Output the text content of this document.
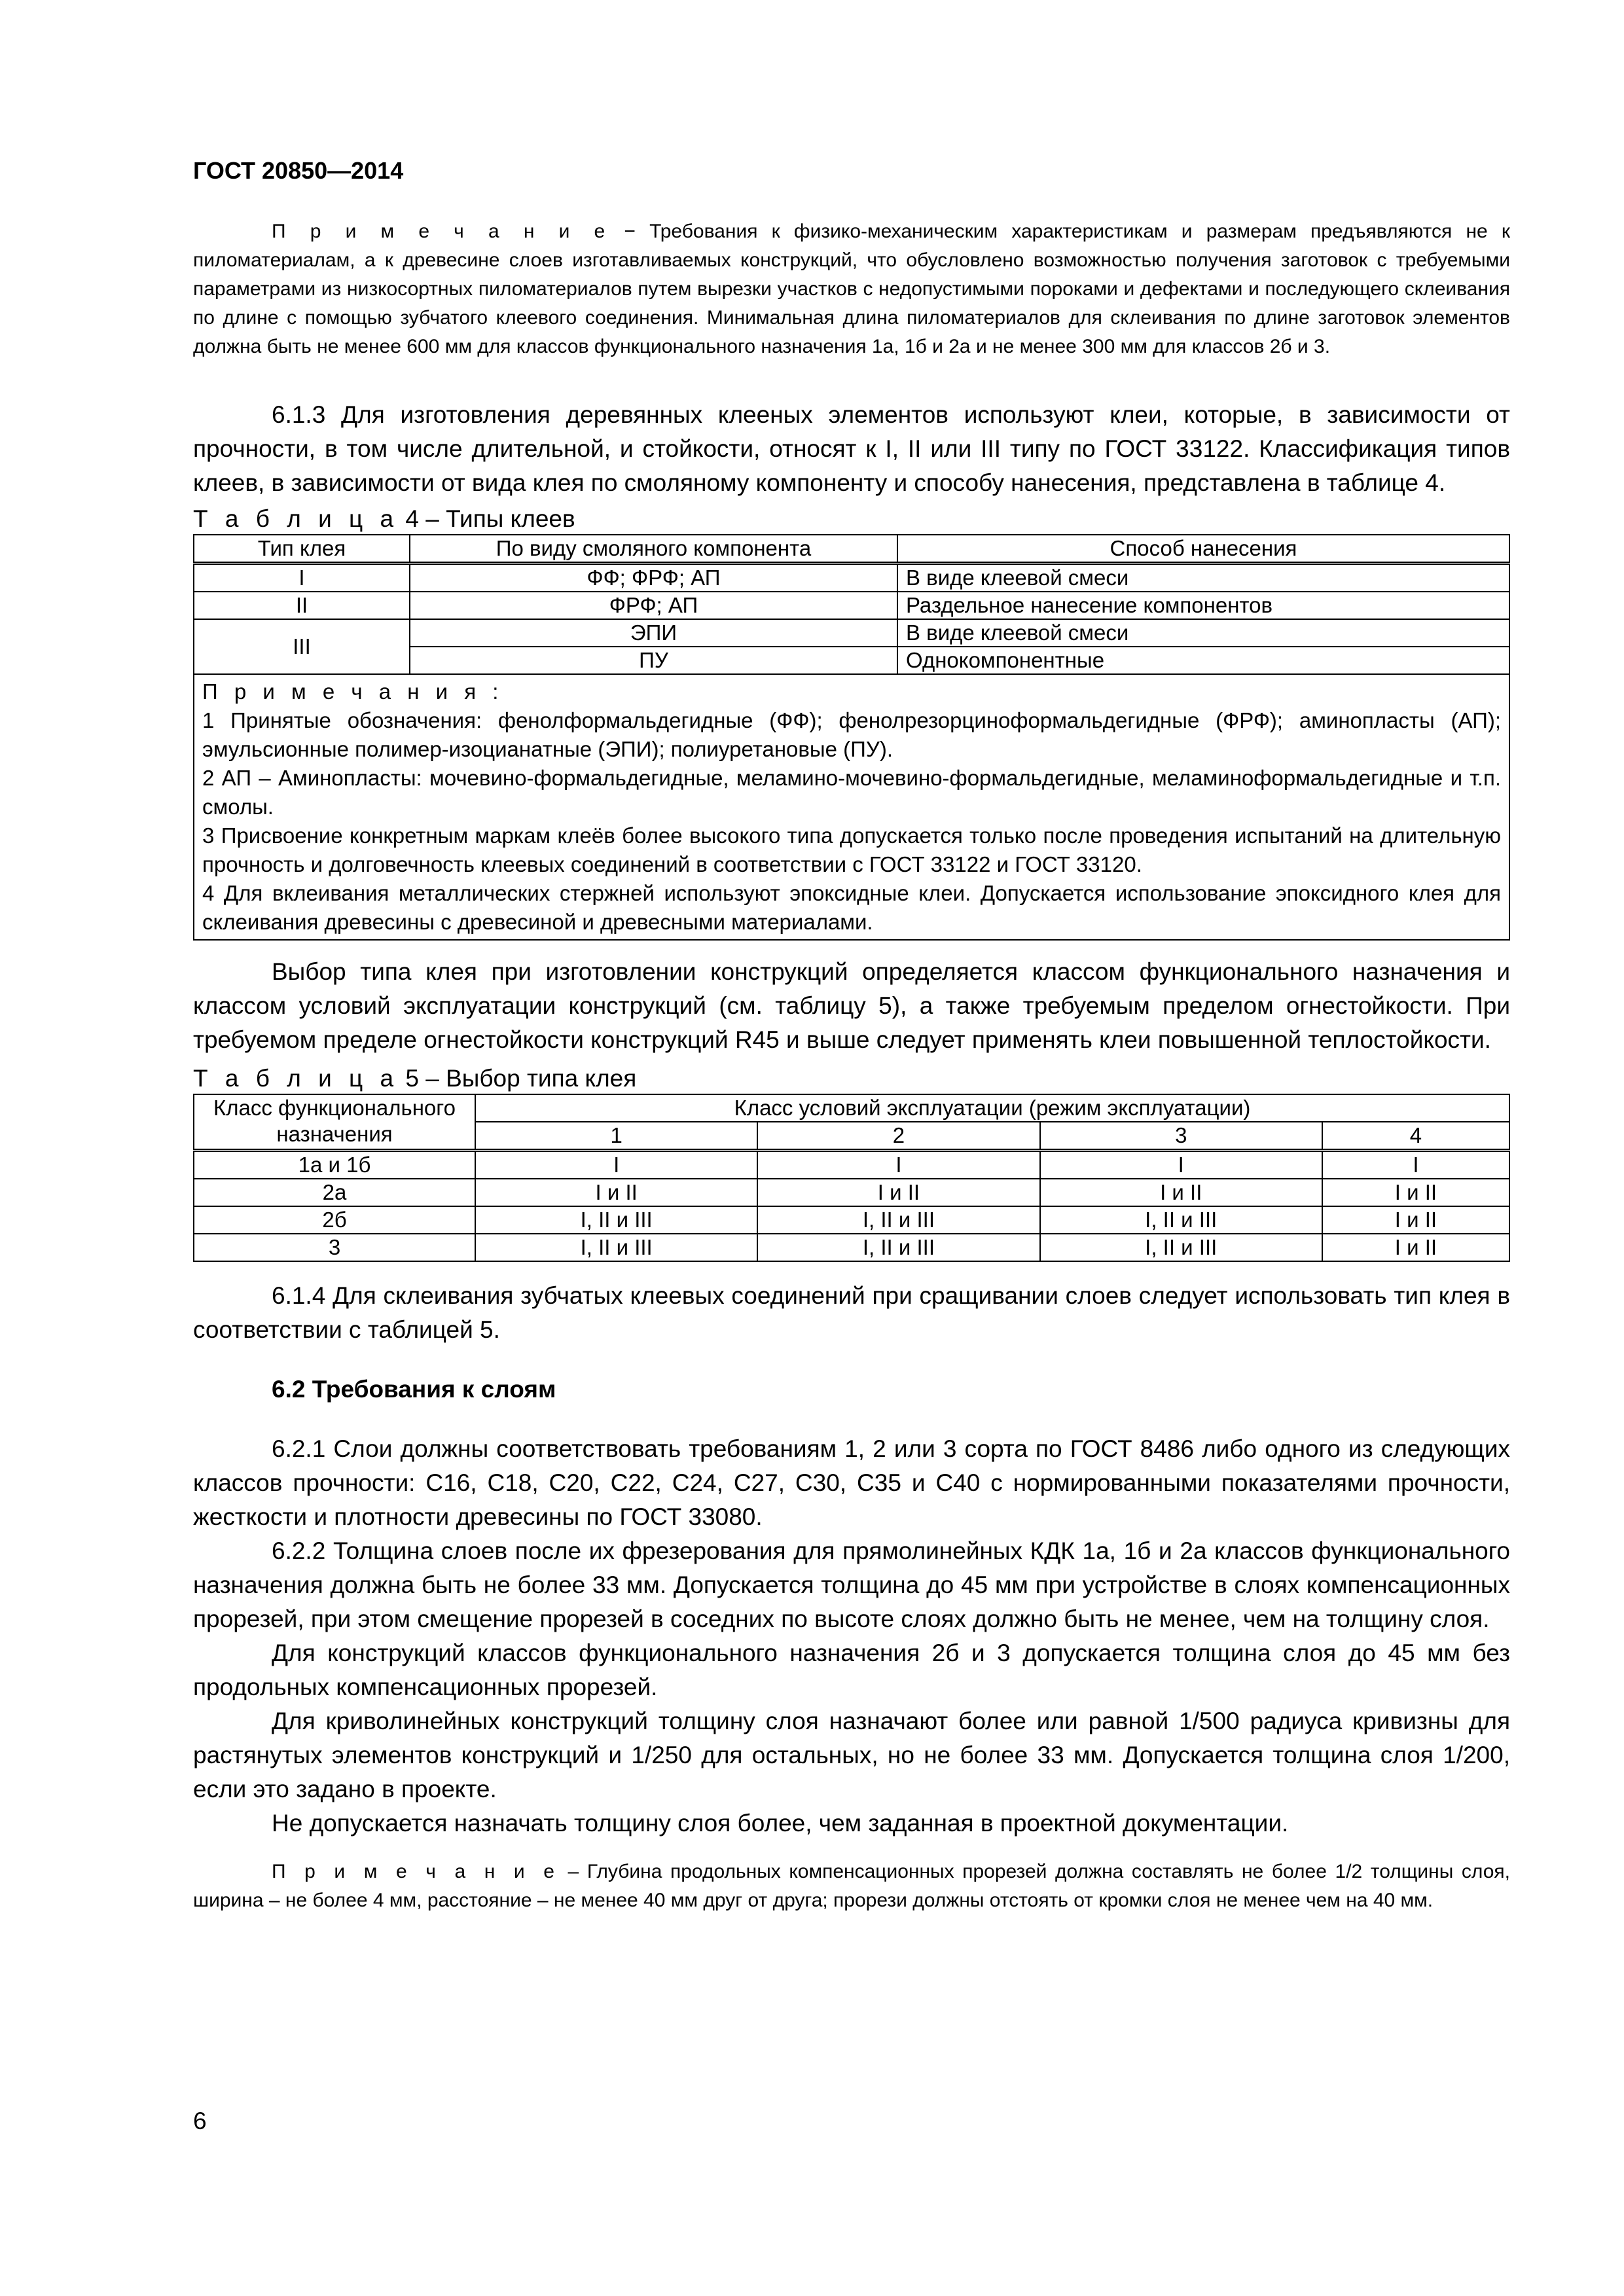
ГОСТ 20850—2014

П р и м е ч а н и е − Требования к физико-механическим характеристикам и размерам предъявляются не к пиломатериалам, а к древесине слоев изготавливаемых конструкций, что обусловлено возможностью получения заготовок с требуемыми параметрами из низкосортных пиломатериалов путем вырезки участков с недопустимыми пороками и дефектами и последующего склеивания по длине с помощью зубчатого клеевого соединения. Минимальная длина пиломатериалов для склеивания по длине заготовок элементов должна быть не менее 600 мм для классов функционального назначения 1а, 1б и 2а и не менее 300 мм для классов 2б и 3.

6.1.3 Для изготовления деревянных клееных элементов используют клеи, которые, в зависимости от прочности, в том числе длительной, и стойкости, относят к I, II или III типу по ГОСТ 33122. Классификация типов клеев, в зависимости от вида клея по смоляному компоненту и способу нанесения, представлена в таблице 4.

Т а б л и ц а 4 – Типы клеев

Тип клея	По виду смоляного компонента	Способ нанесения
I	ФФ; ФРФ; АП	В виде клеевой смеси
II	ФРФ; АП	Раздельное нанесение компонентов
III	ЭПИ	В виде клеевой смеси
	ПУ	Однокомпонентные

П р и м е ч а н и я :
1 Принятые обозначения: фенолформальдегидные (ФФ); фенолрезорциноформальдегидные (ФРФ); аминопласты (АП); эмульсионные полимер-изоцианатные (ЭПИ); полиуретановые (ПУ).
2 АП – Аминопласты: мочевино-формальдегидные, меламино-мочевино-формальдегидные, меламиноформальдегидные и т.п. смолы.
3 Присвоение конкретным маркам клеёв более высокого типа допускается только после проведения испытаний на длительную прочность и долговечность клеевых соединений в соответствии с ГОСТ 33122 и ГОСТ 33120.
4 Для вклеивания металлических стержней используют эпоксидные клеи. Допускается использование эпоксидного клея для склеивания древесины с древесиной и древесными материалами.		

Выбор типа клея при изготовлении конструкций определяется классом функционального назначения и классом условий эксплуатации конструкций (см. таблицу 5), а также требуемым пределом огнестойкости. При требуемом пределе огнестойкости конструкций R45 и выше следует применять клеи повышенной теплостойкости.

Т а б л и ц а 5 – Выбор типа клея

Класс функционального назначения	Класс условий эксплуатации (режим эксплуатации)			
	1	2	3	4
1а и 1б	I	I	I	I
2а	I и II	I и II	I и II	I и II
2б	I, II и III	I, II и III	I, II и III	I и II
3	I, II и III	I, II и III	I, II и III	I и II

6.1.4 Для склеивания зубчатых клеевых соединений при сращивании слоев следует использовать тип клея в соответствии с таблицей 5.

6.2 Требования к слоям

6.2.1 Слои должны соответствовать требованиям 1, 2 или 3 сорта по ГОСТ 8486 либо одного из следующих классов прочности: С16, С18, С20, С22, С24, С27, С30, С35 и С40 с нормированными показателями прочности, жесткости и плотности древесины по ГОСТ 33080.

6.2.2 Толщина слоев после их фрезерования для прямолинейных КДК 1а, 1б и 2а классов функционального назначения должна быть не более 33 мм. Допускается толщина до 45 мм при устройстве в слоях компенсационных прорезей, при этом смещение прорезей в соседних по высоте слоях должно быть не менее, чем на толщину слоя.

Для конструкций классов функционального назначения 2б и 3 допускается толщина слоя до 45 мм без продольных компенсационных прорезей.

Для криволинейных конструкций толщину слоя назначают более или равной 1/500 радиуса кривизны для растянутых элементов конструкций и 1/250 для остальных, но не более 33 мм. Допускается толщина слоя 1/200, если это задано в проекте.

Не допускается назначать толщину слоя более, чем заданная в проектной документации.

П р и м е ч а н и е – Глубина продольных компенсационных прорезей должна составлять не более 1/2 толщины слоя, ширина – не более 4 мм, расстояние – не менее 40 мм друг от друга; прорези должны отстоять от кромки слоя не менее чем на 40 мм.

6
